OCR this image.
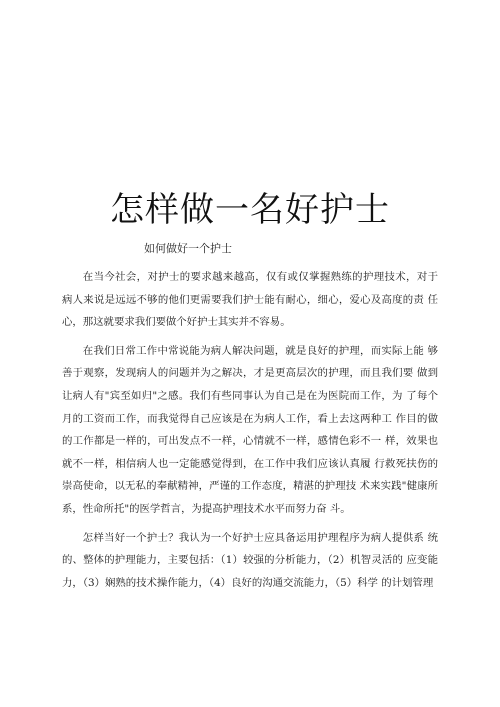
怎样做一名好护士

如何做好一个护士

在当今社会，对护士的要求越来越高，仅有或仅掌握熟练的护理技术，对于 病人来说是远远不够的他们更需要我们护士能有耐心，细心，爱心及高度的责 任心，那这就要求我们要做个好护士其实并不容易。

在我们日常工作中常说能为病人解决问题，就是良好的护理，而实际上能 够善于观察，发现病人的问题并为之解决，才是更高层次的护理，而且我们要 做到让病人有"宾至如归"之感。我们有些同事认为自己是在为医院而工作，为 了每个月的工资而工作，而我觉得自己应该是在为病人工作，看上去这两种工 作目的做的工作都是一样的，可出发点不一样，心情就不一样，感情色彩不一 样，效果也就不一样，相信病人也一定能感觉得到，在工作中我们应该认真履 行救死扶伤的崇高使命，以无私的奉献精神，严谨的工作态度，精湛的护理技 术来实践"健康所系，性命所托"的医学哲言，为提高护理技术水平而努力奋 斗。

怎样当好一个护士？我认为一个好护士应具备运用护理程序为病人提供系 统的、整体的护理能力，主要包括：（1）较强的分析能力，（2）机智灵活的 应变能力，（3）娴熟的技术操作能力，（4）良好的沟通交流能力，（5）科学 的计划管理
